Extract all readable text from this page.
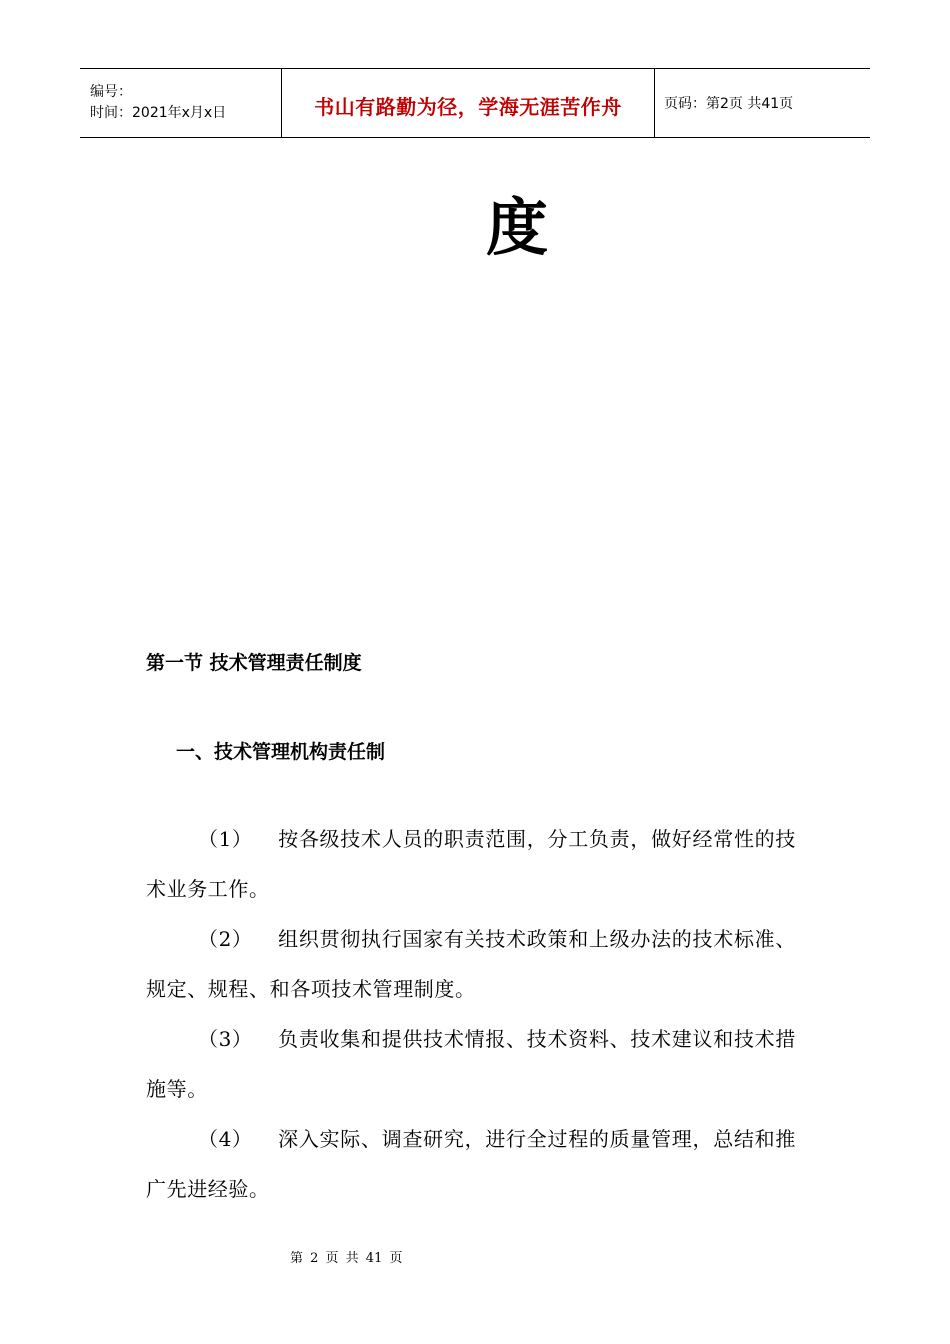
编号：
时间：2021年x月x日	书山有路勤为径，学海无涯苦作舟	页码：第2页 共41页
度
第一节 技术管理责任制度
一、技术管理机构责任制
（1） 按各级技术人员的职责范围，分工负责，做好经常性的技术业务工作。
（2） 组织贯彻执行国家有关技术政策和上级办法的技术标准、规定、规程、和各项技术管理制度。
（3） 负责收集和提供技术情报、技术资料、技术建议和技术措施等。
（4） 深入实际、调查研究，进行全过程的质量管理，总结和推广先进经验。
第 2 页 共 41 页
